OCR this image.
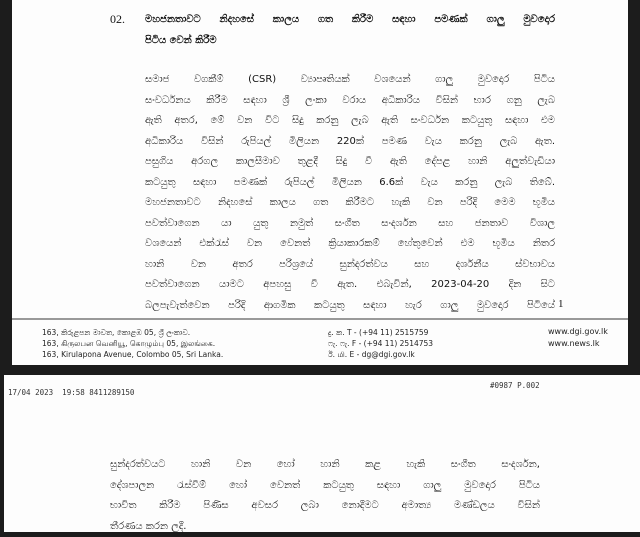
02. මහජනතාවට නිදහසේ කාලය ගත කිරීම සඳහා පමණක් ගාලු මුවදොර
පිටිය වෙන් කිරීම
සමාජ වගකීම් (CSR) ව්‍යාපෘතියක් වශයෙන් ගාලු මුවදොර පිටිය
සංවර්ධනය කිරීම සඳහා ශ්‍රී ලංකා වරාය අධිකාරිය විසින් භාර ගනු ලැබ
ඇති අතර, මේ වන විට සිදු කරනු ලැබ ඇති සංවර්ධන කටයුතු සඳහා එම
අධිකාරිය විසින් රුපියල් මිලියන 220ක් පමණ වැය කරනු ලැබ ඇත.
පසුගිය අරගල කාලසීමාව තුළදී සිදු වී ඇති දේපළ හානි අලුත්වැඩියා
කටයුතු සඳහා පමණක් රුපියල් මිලියන 6.6ක් වැය කරනු ලැබ තිබේ.
මහජනතාවට නිදහසේ කාලය ගත කිරීමට හැකි වන පරිදි මෙම භූමිය
පවත්වාගෙන යා යුතු නමුත් සංගීත සංදර්ශන සහ ජනතාව විශාල
වශයෙන් එක්රැස් වන වෙනත් ක්‍රියාකාරකම් හේතුවෙන් එම භූමිය නිතර
හානි වන අතර පරිශ්‍රයේ සුන්දරත්වය සහ දර්ශනීය ස්වභාවය
පවත්වාගෙන යාමට අපහසු වී ඇත. එබැවින්, 2023-04-20 දින සිට
බලපැවැත්වෙන පරිදි ආගමික කටයුතු සඳහා හැර ගාලු මුවදොර පිටියේ 1
163, කිරුළපන මාවත, කොළඹ 05, ශ්‍රී ලංකාව.
163, கிருலபன வெனியூ, கொழும்பு 05, இலங்கை.
163, Kirulapona Avenue, Colombo 05, Sri Lanka.
දු. ක. T - (+94 11) 2515759
ෆැ. ෆැ. F - (+94 11) 2514753
ඊ. மி. E - dg@dgi.gov.lk
www.dgi.gov.lk
www.news.lk
17/04 2023  19:58 8411289150
#0987 P.002
සුන්දරත්වයට හානි වන හෝ හානි කළ හැකි සංගීත සංදර්ශන,
දේශපාලන රැස්වීම් හෝ වෙනත් කටයුතු සඳහා ගාලු මුවදොර පිටිය
භාවිත කිරීම පිණිස අවසර ලබා නොදීමට අමාත්‍ය මණ්ඩලය විසින්
තීරණය කරන ලදී.
